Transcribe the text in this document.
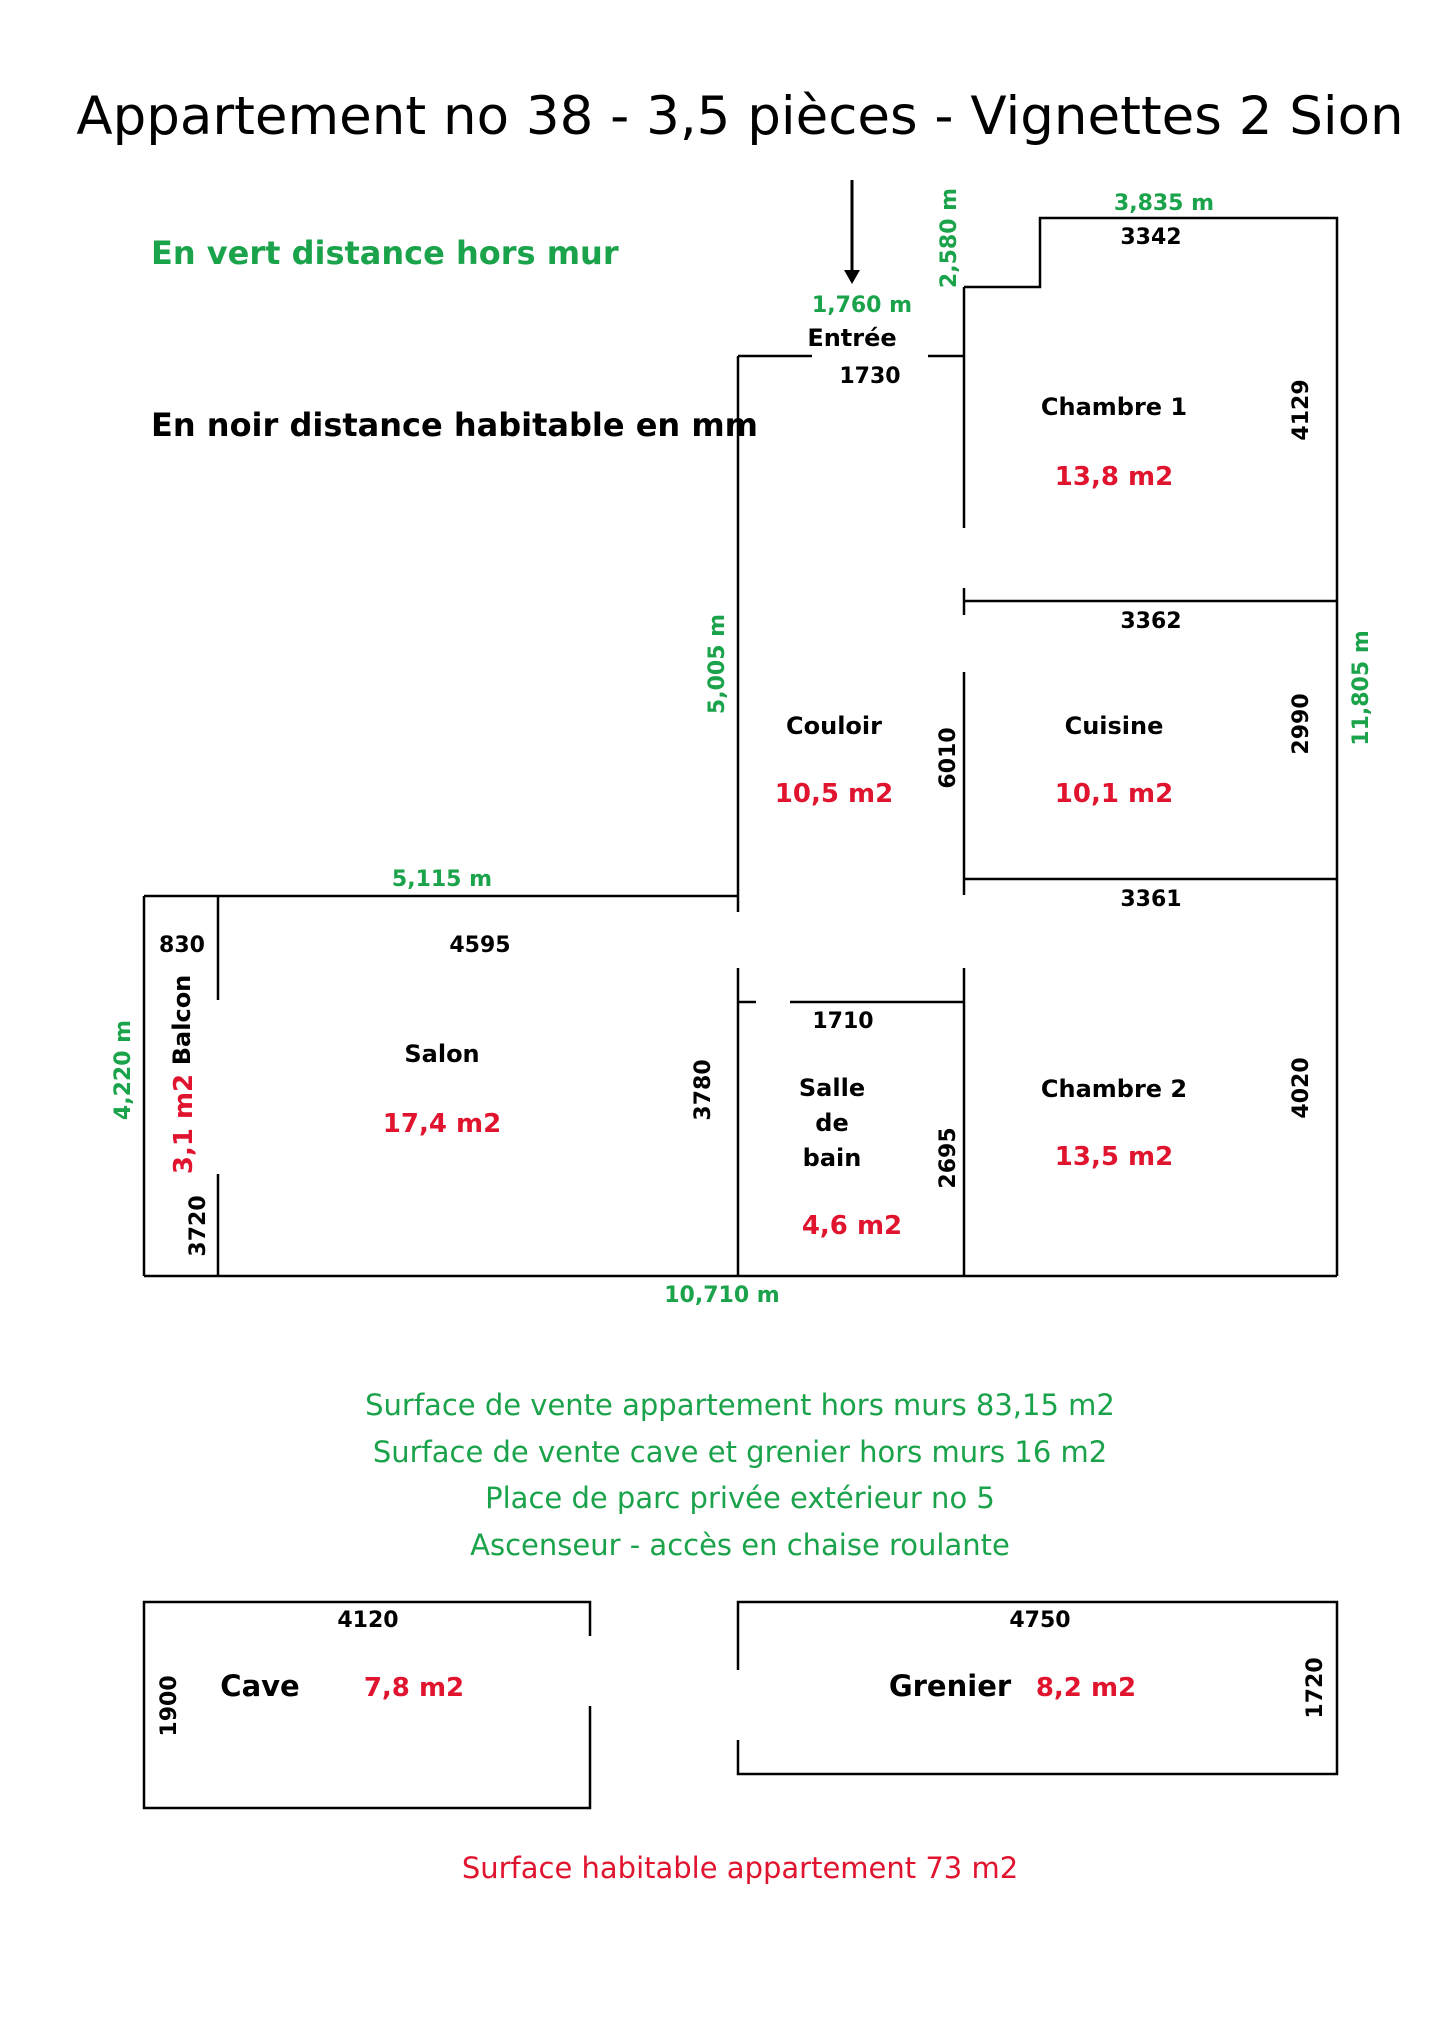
Appartement no 38 - 3,5 pièces - Vignettes 2 Sion
En vert distance hors mur
En noir distance habitable en mm
1,760 m
Entrée
1730
3,835 m
3342
2,580 m
4129
Chambre 1
13,8 m2
3362
2990
Cuisine
10,1 m2
11,805 m
5,005 m
6010
Couloir
10,5 m2
3361
4020
Chambre 2
13,5 m2
5,115 m
4595
3780
Salon
17,4 m2
830
Balcon
3,1 m2
3720
4,220 m	1710
Salle
de
bain	2695
4,6 m2
10,710 m
Surface de vente appartement hors murs 83,15 m2
Surface de vente cave et grenier hors murs 16 m2
Place de parc privée extérieur no 5
Ascenseur - accès en chaise roulante
4120
1900 Cave 7,8 m2
4750
1720
Grenier 8,2 m2
Surface habitable appartement 73 m2
